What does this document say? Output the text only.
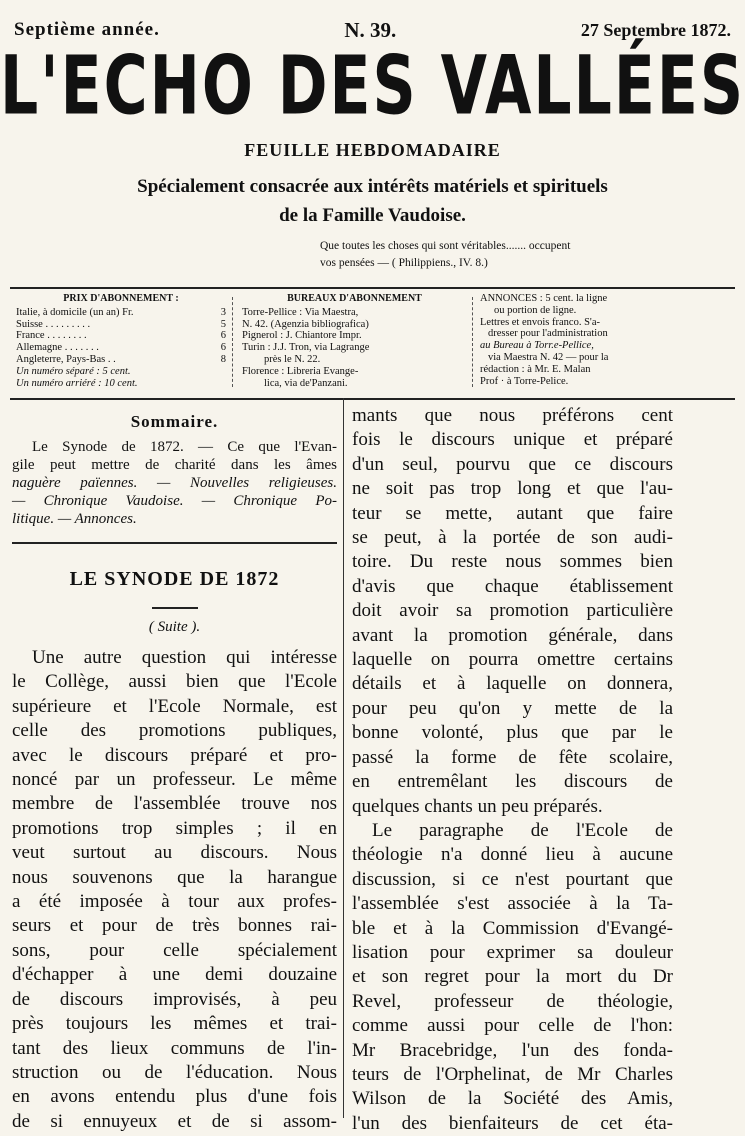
Septième année.	N. 39.	27 Septembre 1872.
L'ECHO DES VALLÉES
FEUILLE HEBDOMADAIRE
Spécialement consacrée aux intérêts matériels et spirituels
de la Famille Vaudoise.
Que toutes les choses qui sont véritables....... occupent
vos pensées — ( Philippiens., IV. 8.)
PRIX D'ABONNEMENT :
Italie, à domicile (un an) Fr.	3
Suisse . . . . . . . . .	5
France . . . . . . . .	6
Allemagne . . . . . . .	6
Angleterre, Pays-Bas . .	8
Un numéro séparé : 5 cent.
Un numéro arriéré : 10 cent.
BUREAUX D'ABONNEMENT
Torre-Pellice : Via Maestra,
N. 42. (Agenzia bibliografica)
Pignerol : J. Chiantore Impr.
Turin : J.J. Tron, via Lagrange
près le N. 22.
Florence : Libreria Evange-
lica, via de'Panzani.
ANNONCES : 5 cent. la ligne
ou portion de ligne.
Lettres et envois franco. S'a-
dresser pour l'administration
au Bureau à Torr.e-Pellice,
via Maestra N. 42 — pour la
rédaction : à Mr. E. Malan
Prof · à Torre-Pelice.
Sommaire.
Le Synode de 1872. — Ce que l'Evan-
gile peut mettre de charité dans les âmes
naguère païennes. — Nouvelles religieuses.
— Chronique Vaudoise. — Chronique Po-
litique. — Annonces.
LE SYNODE DE 1872
( Suite ).
Une autre question qui intéresse
le Collège, aussi bien que l'Ecole
supérieure et l'Ecole Normale, est
celle des promotions publiques,
avec le discours préparé et pro-
noncé par un professeur. Le même
membre de l'assemblée trouve nos
promotions trop simples ; il en
veut surtout au discours. Nous
nous souvenons que la harangue
a été imposée à tour aux profes-
seurs et pour de très bonnes rai-
sons, pour celle spécialement
d'échapper à une demi douzaine
de discours improvisés, à peu
près toujours les mêmes et trai-
tant des lieux communs de l'in-
struction ou de l'éducation. Nous
en avons entendu plus d'une fois
de si ennuyeux et de si assom-
mants que nous préférons cent
fois le discours unique et préparé
d'un seul, pourvu que ce discours
ne soit pas trop long et que l'au-
teur se mette, autant que faire
se peut, à la portée de son audi-
toire. Du reste nous sommes bien
d'avis que chaque établissement
doit avoir sa promotion particulière
avant la promotion générale, dans
laquelle on pourra omettre certains
détails et à laquelle on donnera,
pour peu qu'on y mette de la
bonne volonté, plus que par le
passé la forme de fête scolaire,
en entremêlant les discours de
quelques chants un peu préparés.
Le paragraphe de l'Ecole de
théologie n'a donné lieu à aucune
discussion, si ce n'est pourtant que
l'assemblée s'est associée à la Ta-
ble et à la Commission d'Evangé-
lisation pour exprimer sa douleur
et son regret pour la mort du Dr
Revel, professeur de théologie,
comme aussi pour celle de l'hon:
Mr Bracebridge, l'un des fonda-
teurs de l'Orphelinat, de Mr Charles
Wilson de la Société des Amis,
l'un des bienfaiteurs de cet éta-
